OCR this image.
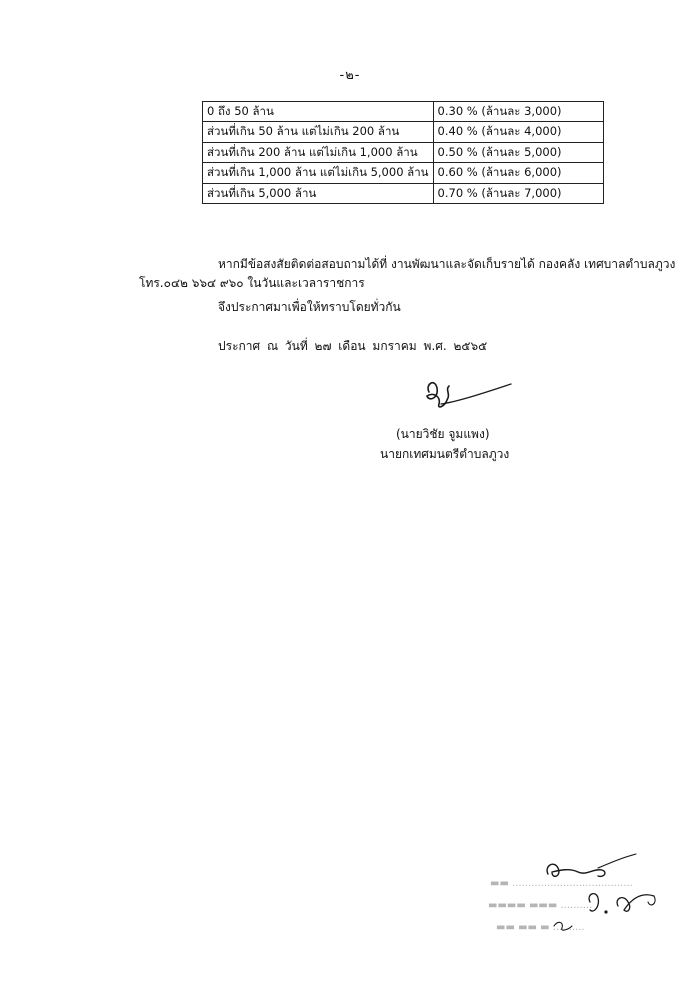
-๒-
0 ถึง 50 ล้าน	0.30 % (ล้านละ 3,000)
ส่วนที่เกิน 50 ล้าน แต่ไม่เกิน 200 ล้าน	0.40 % (ล้านละ 4,000)
ส่วนที่เกิน 200 ล้าน แต่ไม่เกิน 1,000 ล้าน	0.50 % (ล้านละ 5,000)
ส่วนที่เกิน 1,000 ล้าน แต่ไม่เกิน 5,000 ล้าน	0.60 % (ล้านละ 6,000)
ส่วนที่เกิน 5,000 ล้าน	0.70 % (ล้านละ 7,000)
หากมีข้อสงสัยติดต่อสอบถามได้ที่ งานพัฒนาและจัดเก็บรายได้ กองคลัง เทศบาลตำบลภูวง
โทร.๐๔๒ ๖๖๔ ๙๖๐ ในวันและเวลาราชการ
จึงประกาศมาเพื่อให้ทราบโดยทั่วกัน
ประกาศ ณ วันที่ ๒๗ เดือน มกราคม พ.ศ. ๒๕๖๕
(นายวิชัย จูมแพง)
นายกเทศมนตรีตำบลภูวง
▬▬ ......................................
▬▬▬▬ ▬▬▬ ..........
▬▬ ▬▬ ▬ ..........
